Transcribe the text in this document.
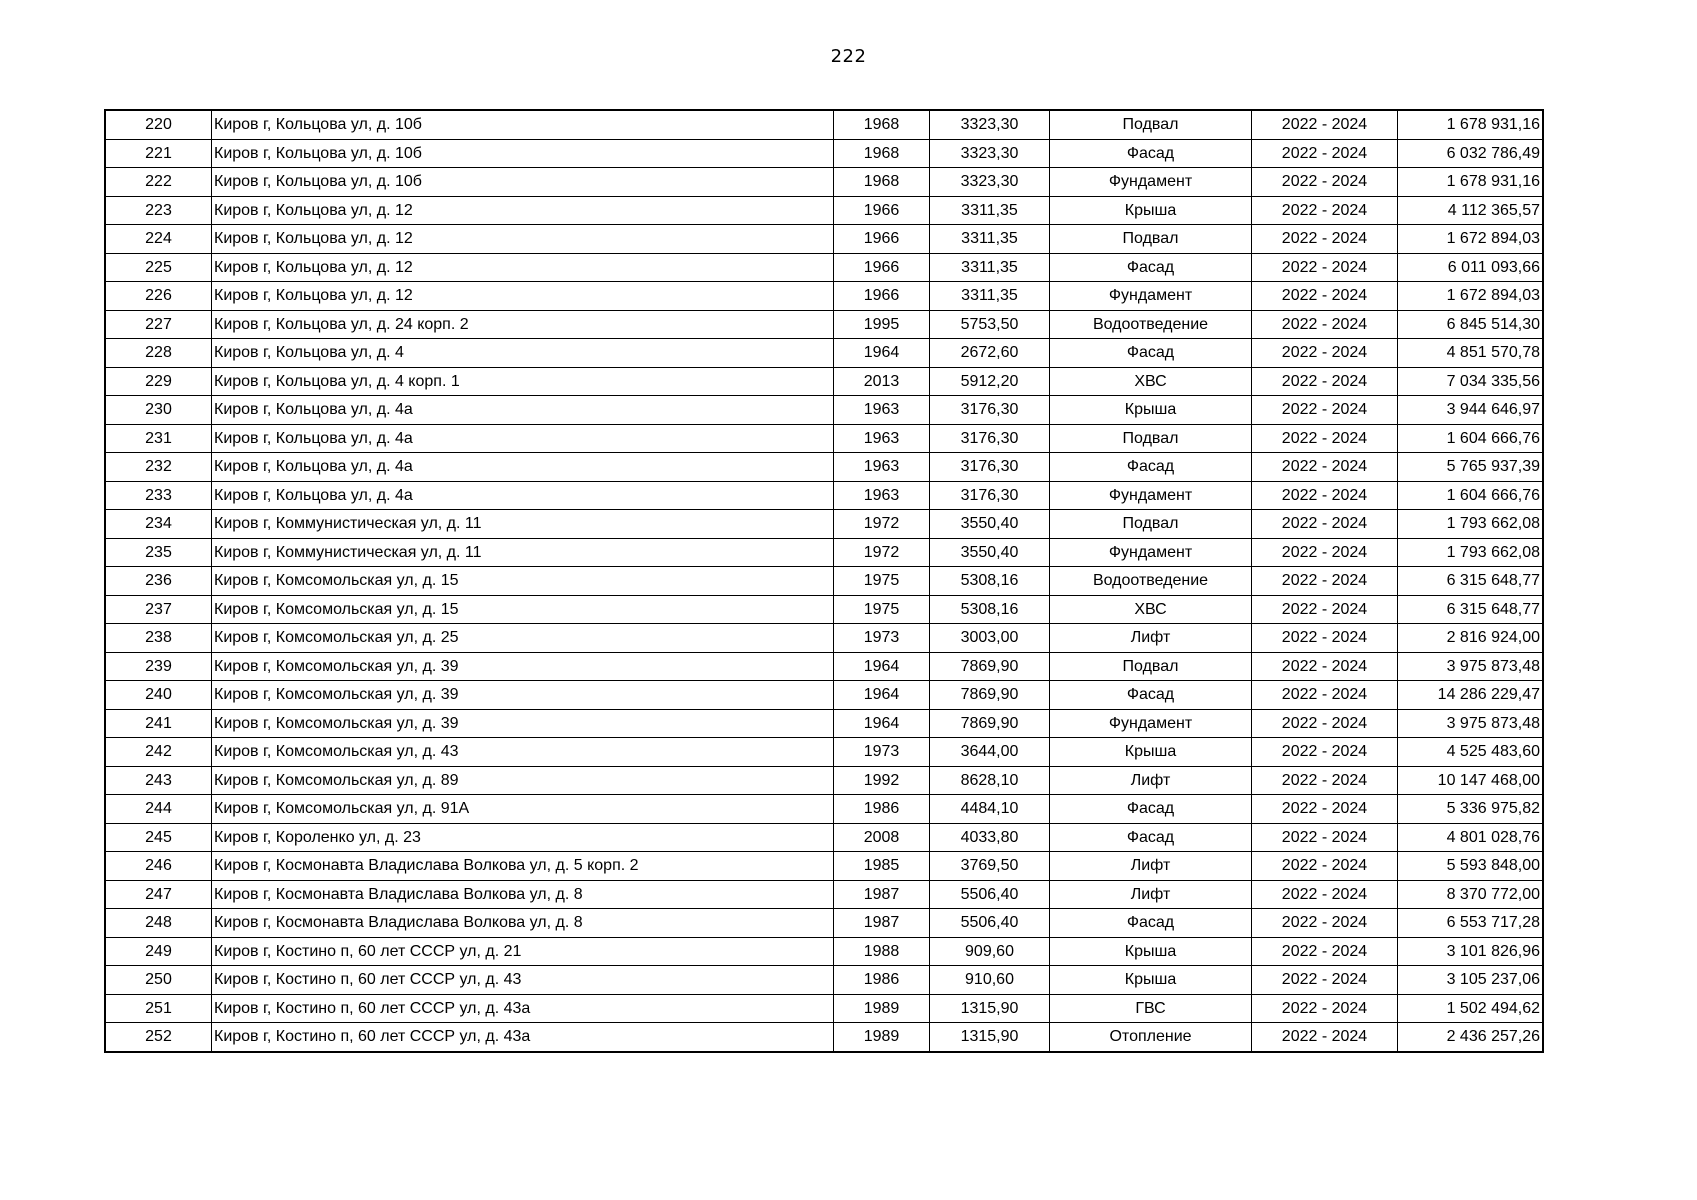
222
220	Киров г, Кольцова ул, д. 10б	1968	3323,30	Подвал	2022 - 2024	1 678 931,16
221	Киров г, Кольцова ул, д. 10б	1968	3323,30	Фасад	2022 - 2024	6 032 786,49
222	Киров г, Кольцова ул, д. 10б	1968	3323,30	Фундамент	2022 - 2024	1 678 931,16
223	Киров г, Кольцова ул, д. 12	1966	3311,35	Крыша	2022 - 2024	4 112 365,57
224	Киров г, Кольцова ул, д. 12	1966	3311,35	Подвал	2022 - 2024	1 672 894,03
225	Киров г, Кольцова ул, д. 12	1966	3311,35	Фасад	2022 - 2024	6 011 093,66
226	Киров г, Кольцова ул, д. 12	1966	3311,35	Фундамент	2022 - 2024	1 672 894,03
227	Киров г, Кольцова ул, д. 24 корп. 2	1995	5753,50	Водоотведение	2022 - 2024	6 845 514,30
228	Киров г, Кольцова ул, д. 4	1964	2672,60	Фасад	2022 - 2024	4 851 570,78
229	Киров г, Кольцова ул, д. 4 корп. 1	2013	5912,20	ХВС	2022 - 2024	7 034 335,56
230	Киров г, Кольцова ул, д. 4а	1963	3176,30	Крыша	2022 - 2024	3 944 646,97
231	Киров г, Кольцова ул, д. 4а	1963	3176,30	Подвал	2022 - 2024	1 604 666,76
232	Киров г, Кольцова ул, д. 4а	1963	3176,30	Фасад	2022 - 2024	5 765 937,39
233	Киров г, Кольцова ул, д. 4а	1963	3176,30	Фундамент	2022 - 2024	1 604 666,76
234	Киров г, Коммунистическая ул, д. 11	1972	3550,40	Подвал	2022 - 2024	1 793 662,08
235	Киров г, Коммунистическая ул, д. 11	1972	3550,40	Фундамент	2022 - 2024	1 793 662,08
236	Киров г, Комсомольская ул, д. 15	1975	5308,16	Водоотведение	2022 - 2024	6 315 648,77
237	Киров г, Комсомольская ул, д. 15	1975	5308,16	ХВС	2022 - 2024	6 315 648,77
238	Киров г, Комсомольская ул, д. 25	1973	3003,00	Лифт	2022 - 2024	2 816 924,00
239	Киров г, Комсомольская ул, д. 39	1964	7869,90	Подвал	2022 - 2024	3 975 873,48
240	Киров г, Комсомольская ул, д. 39	1964	7869,90	Фасад	2022 - 2024	14 286 229,47
241	Киров г, Комсомольская ул, д. 39	1964	7869,90	Фундамент	2022 - 2024	3 975 873,48
242	Киров г, Комсомольская ул, д. 43	1973	3644,00	Крыша	2022 - 2024	4 525 483,60
243	Киров г, Комсомольская ул, д. 89	1992	8628,10	Лифт	2022 - 2024	10 147 468,00
244	Киров г, Комсомольская ул, д. 91А	1986	4484,10	Фасад	2022 - 2024	5 336 975,82
245	Киров г, Короленко ул, д. 23	2008	4033,80	Фасад	2022 - 2024	4 801 028,76
246	Киров г, Космонавта Владислава Волкова ул, д. 5 корп. 2	1985	3769,50	Лифт	2022 - 2024	5 593 848,00
247	Киров г, Космонавта Владислава Волкова ул, д. 8	1987	5506,40	Лифт	2022 - 2024	8 370 772,00
248	Киров г, Космонавта Владислава Волкова ул, д. 8	1987	5506,40	Фасад	2022 - 2024	6 553 717,28
249	Киров г, Костино п, 60 лет СССР ул, д. 21	1988	909,60	Крыша	2022 - 2024	3 101 826,96
250	Киров г, Костино п, 60 лет СССР ул, д. 43	1986	910,60	Крыша	2022 - 2024	3 105 237,06
251	Киров г, Костино п, 60 лет СССР ул, д. 43а	1989	1315,90	ГВС	2022 - 2024	1 502 494,62
252	Киров г, Костино п, 60 лет СССР ул, д. 43а	1989	1315,90	Отопление	2022 - 2024	2 436 257,26
